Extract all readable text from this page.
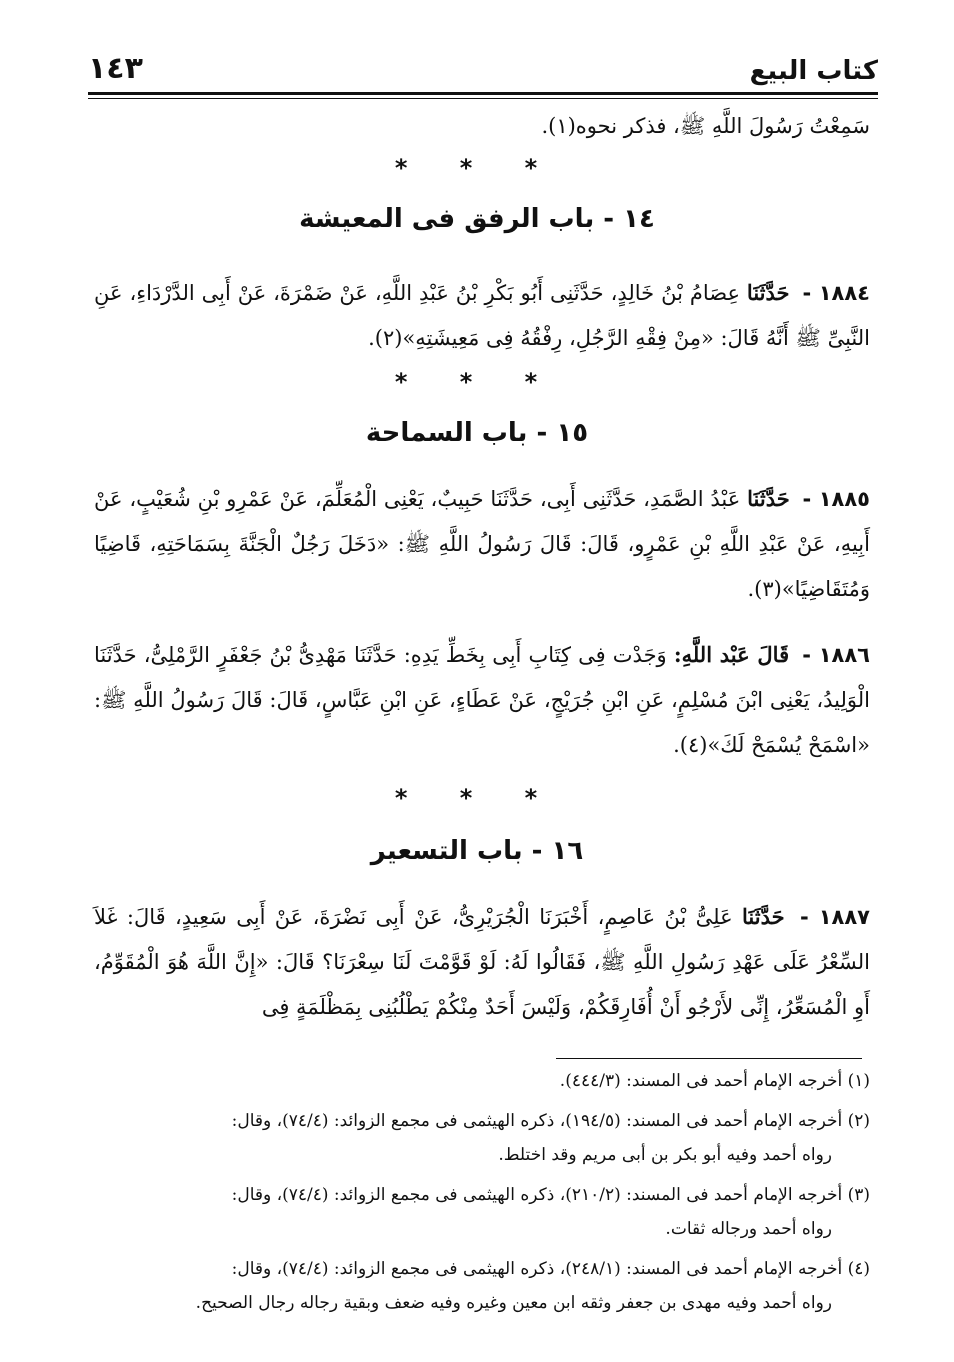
١٤٣	كتاب البيع

سَمِعْتُ رَسُولَ اللَّهِ ﷺ، فذكر نحوه(١).

* * *
١٤ - باب الرفق فى المعيشة

١٨٨٤ - حَدَّثَنَا عِصَامُ بْنُ خَالِدٍ، حَدَّثَنِى أَبُو بَكْرِ بْنُ عَبْدِ اللَّهِ، عَنْ ضَمْرَةَ، عَنْ أَبِى الدَّرْدَاءِ، عَنِ النَّبِىِّ ﷺ أَنَّهُ قَالَ: «مِنْ فِقْهِ الرَّجُلِ، رِفْقُهُ فِى مَعِيشَتِهِ»(٢).

* * *
١٥ - باب السماحة

١٨٨٥ - حَدَّثَنَا عَبْدُ الصَّمَدِ، حَدَّثَنِى أَبِى، حَدَّثَنَا حَبِيبٌ، يَعْنِى الْمُعَلِّمَ، عَنْ عَمْرِو بْنِ شُعَيْبٍ، عَنْ أَبِيهِ، عَنْ عَبْدِ اللَّهِ بْنِ عَمْرٍو، قَالَ: قَالَ رَسُولُ اللَّهِ ﷺ: «دَخَلَ رَجُلٌ الْجَنَّةَ بِسَمَاحَتِهِ، قَاضِيًا وَمُتَقَاضِيًا»(٣).

١٨٨٦ - قَالَ عَبْد اللَّهِ: وَجَدْت فِى كِتَابِ أَبِى بِخَطِّ يَدِهِ: حَدَّثَنَا مَهْدِىُّ بْنُ جَعْفَرٍ الرَّمْلِىُّ، حَدَّثَنَا الْوَلِيدُ، يَعْنِى ابْنَ مُسْلِمٍ، عَنِ ابْنِ جُرَيْجٍ، عَنْ عَطَاءٍ، عَنِ ابْنِ عَبَّاسٍ، قَالَ: قَالَ رَسُولُ اللَّهِ ﷺ: «اسْمَحْ يُسْمَحْ لَكَ»(٤).

* * *
١٦ - باب التسعير

١٨٨٧ - حَدَّثَنَا عَلِىُّ بْنُ عَاصِمٍ، أَخْبَرَنَا الْجُرَيْرِىُّ، عَنْ أَبِى نَضْرَةَ، عَنْ أَبِى سَعِيدٍ، قَالَ: غَلاَ السِّعْرُ عَلَى عَهْدِ رَسُولِ اللَّهِ ﷺ، فَقَالُوا لَهُ: لَوْ قَوَّمْتَ لَنَا سِعْرَنَا؟ قَالَ: «إِنَّ اللَّهَ هُوَ الْمُقَوِّمُ، أَوِ الْمُسَعِّرُ، إِنِّى لأَرْجُو أَنْ أُفَارِقَكُمْ، وَلَيْسَ أَحَدٌ مِنْكُمْ يَطْلُبُنِى بِمَظْلَمَةٍ فِى

(١) أخرجه الإمام أحمد فى المسند: (٤٤٤/٣).

(٢) أخرجه الإمام أحمد فى المسند: (١٩٤/٥)، ذكره الهيثمى فى مجمع الزوائد: (٧٤/٤)، وقال:
رواه أحمد وفيه أبو بكر بن أبى مريم وقد اختلط.

(٣) أخرجه الإمام أحمد فى المسند: (٢١٠/٢)، ذكره الهيثمى فى مجمع الزوائد: (٧٤/٤)، وقال:
رواه أحمد ورجاله ثقات.

(٤) أخرجه الإمام أحمد فى المسند: (٢٤٨/١)، ذكره الهيثمى فى مجمع الزوائد: (٧٤/٤)، وقال:
رواه أحمد وفيه مهدى بن جعفر وثقه ابن معين وغيره وفيه ضعف وبقية رجاله رجال الصحيح.
